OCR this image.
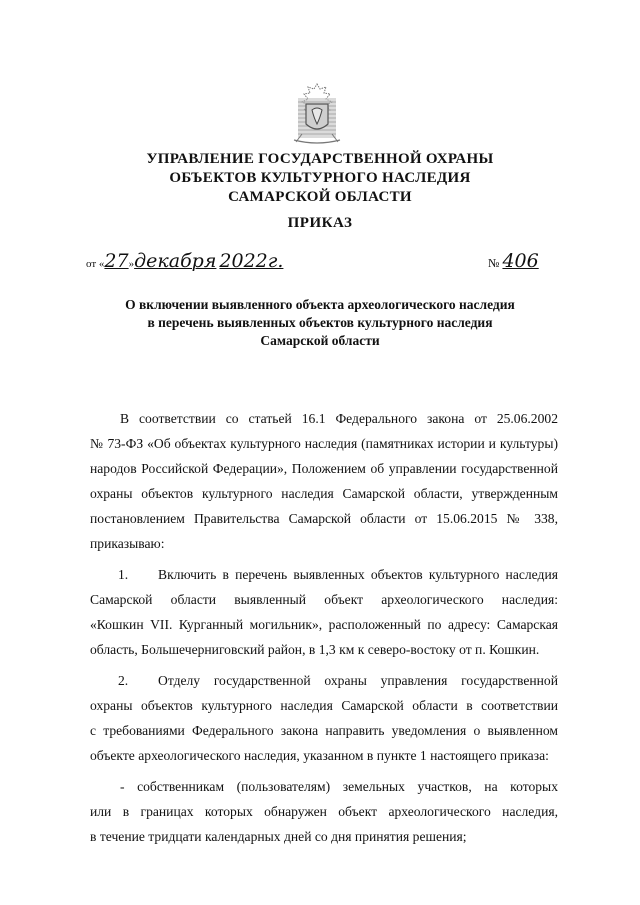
УПРАВЛЕНИЕ ГОСУДАРСТВЕННОЙ ОХРАНЫ
ОБЪЕКТОВ КУЛЬТУРНОГО НАСЛЕДИЯ
САМАРСКОЙ ОБЛАСТИ
ПРИКАЗ
от «27»декабря 2022г.	№ 406
О включении выявленного объекта археологического наследия
в перечень выявленных объектов культурного наследия
Самарской области
В соответствии со статьей 16.1 Федерального закона от 25.06.2002
№ 73-ФЗ «Об объектах культурного наследия (памятниках истории и культуры)
народов Российской Федерации», Положением об управлении государственной
охраны объектов культурного наследия Самарской области, утвержденным
постановлением Правительства Самарской области от 15.06.2015 № 338,
приказываю:
1. Включить в перечень выявленных объектов культурного наследия
Самарской области выявленный объект археологического наследия:
«Кошкин VII. Курганный могильник», расположенный по адресу: Самарская
область, Большечерниговский район, в 1,3 км к северо-востоку от п. Кошкин.
2. Отделу государственной охраны управления государственной
охраны объектов культурного наследия Самарской области в соответствии
с требованиями Федерального закона направить уведомления о выявленном
объекте археологического наследия, указанном в пункте 1 настоящего приказа:
- собственникам (пользователям) земельных участков, на которых
или в границах которых обнаружен объект археологического наследия,
в течение тридцати календарных дней со дня принятия решения;
